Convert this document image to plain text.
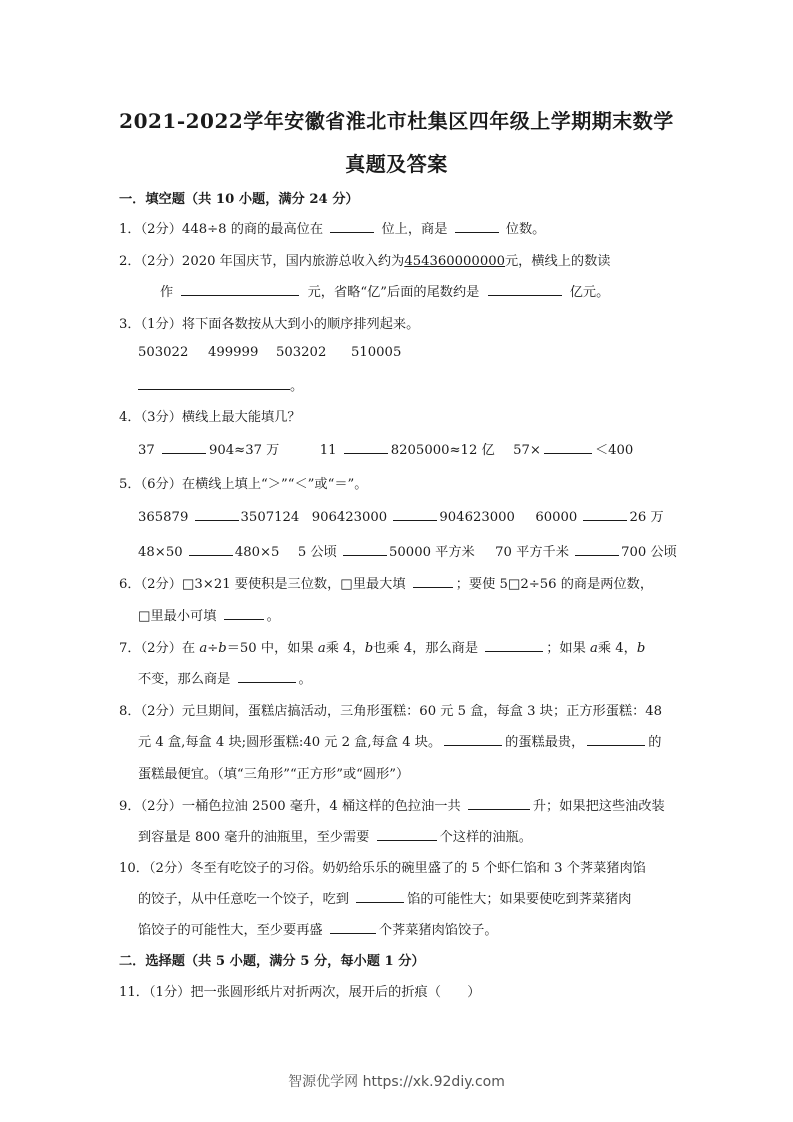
2021-2022学年安徽省淮北市杜集区四年级上学期期末数学
真题及答案
一．填空题（共 10 小题，满分 24 分）
1．（2分）448÷8 的商的最高位在	位上，商是	位数。
2．（2分）2020 年国庆节，国内旅游总收入约为454360000000元，横线上的数读
作	元，省略“亿”后面的尾数约是	亿元。
3．（1分）将下面各数按从大到小的顺序排列起来。
503022 499999 503202 510005
。
4．（3分）横线上最大能填几？
37	904≈37 万	11	8205000≈12 亿 57×	＜400
5．（6分）在横线上填上“＞”“＜”或“＝”。
365879	3507124 906423000	904623000 60000	26 万
48×50	480×5 5 公顷	50000 平方米 70 平方千米	700 公顷
6．（2分）□3×21 要使积是三位数，□里最大填	；要使 5□2÷56 的商是两位数，
□里最小可填	。
7．（2分）在 a÷b＝50 中，如果 a乘 4，b也乘 4，那么商是	；如果 a乘 4，b
不变，那么商是	。
8．（2分）元旦期间，蛋糕店搞活动，三角形蛋糕：60 元 5 盒，每盒 3 块；正方形蛋糕：48
元 4 盒,每盒 4 块;圆形蛋糕:40 元 2 盒,每盒 4 块。	的蛋糕最贵，	的
蛋糕最便宜。（填“三角形”“正方形”或“圆形”）
9．（2分）一桶色拉油 2500 毫升，4 桶这样的色拉油一共	升；如果把这些油改装
到容量是 800 毫升的油瓶里，至少需要	个这样的油瓶。
10．（2分）冬至有吃饺子的习俗。奶奶给乐乐的碗里盛了的 5 个虾仁馅和 3 个荠菜猪肉馅
的饺子，从中任意吃一个饺子，吃到	馅的可能性大；如果要使吃到荠菜猪肉
馅饺子的可能性大，至少要再盛	个荠菜猪肉馅饺子。
二．选择题（共 5 小题，满分 5 分，每小题 1 分）
11．（1分）把一张圆形纸片对折两次，展开后的折痕（　　）
智源优学网 https://xk.92diy.com
